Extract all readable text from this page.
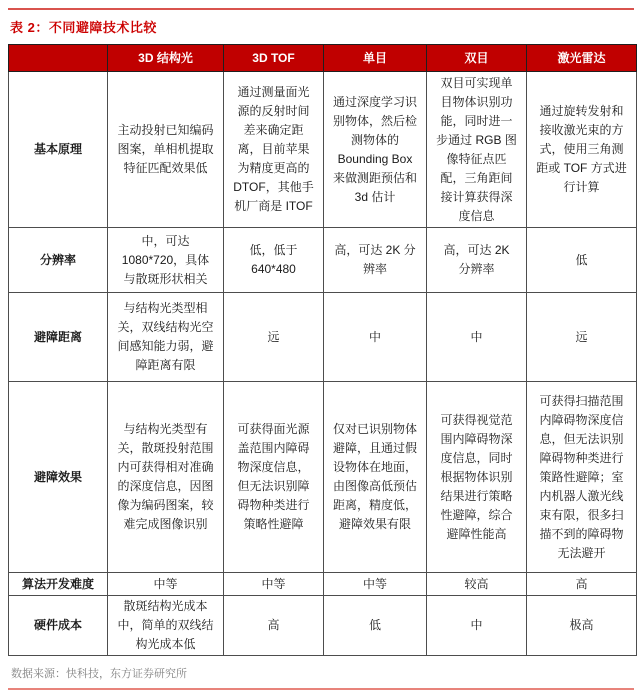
表 2：不同避障技术比较
	3D 结构光	3D TOF	单目	双目	激光雷达
基本原理	主动投射已知编码图案，单相机提取特征匹配效果低	通过测量面光源的反射时间差来确定距离，目前苹果为精度更高的 DTOF，其他手机厂商是 ITOF	通过深度学习识别物体，然后检测物体的 Bounding Box 来做测距预估和 3d 估计	双目可实现单目物体识别功能，同时进一步通过 RGB 图像特征点匹配，三角距间接计算获得深度信息	通过旋转发射和接收激光束的方式，使用三角测距或 TOF 方式进行计算
分辨率	中，可达 1080*720，具体与散斑形状相关	低，低于 640*480	高，可达 2K 分辨率	高，可达 2K 分辨率	低
避障距离	与结构光类型相关，双线结构光空间感知能力弱，避障距离有限	远	中	中	远
避障效果	与结构光类型有关，散斑投射范围内可获得相对准确的深度信息，因图像为编码图案，较难完成图像识别	可获得面光源盖范围内障碍物深度信息，但无法识别障碍物种类进行策略性避障	仅对已识别物体避障，且通过假设物体在地面，由图像高低预估距离，精度低，避障效果有限	可获得视觉范围内障碍物深度信息，同时根据物体识别结果进行策略性避障，综合避障性能高	可获得扫描范围内障碍物深度信息，但无法识别障碍物种类进行策路性避障；室内机器人激光线束有限，很多扫描不到的障碍物无法避开
算法开发难度	中等	中等	中等	较高	高
硬件成本	散斑结构光成本中，简单的双线结构光成本低	高	低	中	极高
数据来源：快科技，东方证券研究所
